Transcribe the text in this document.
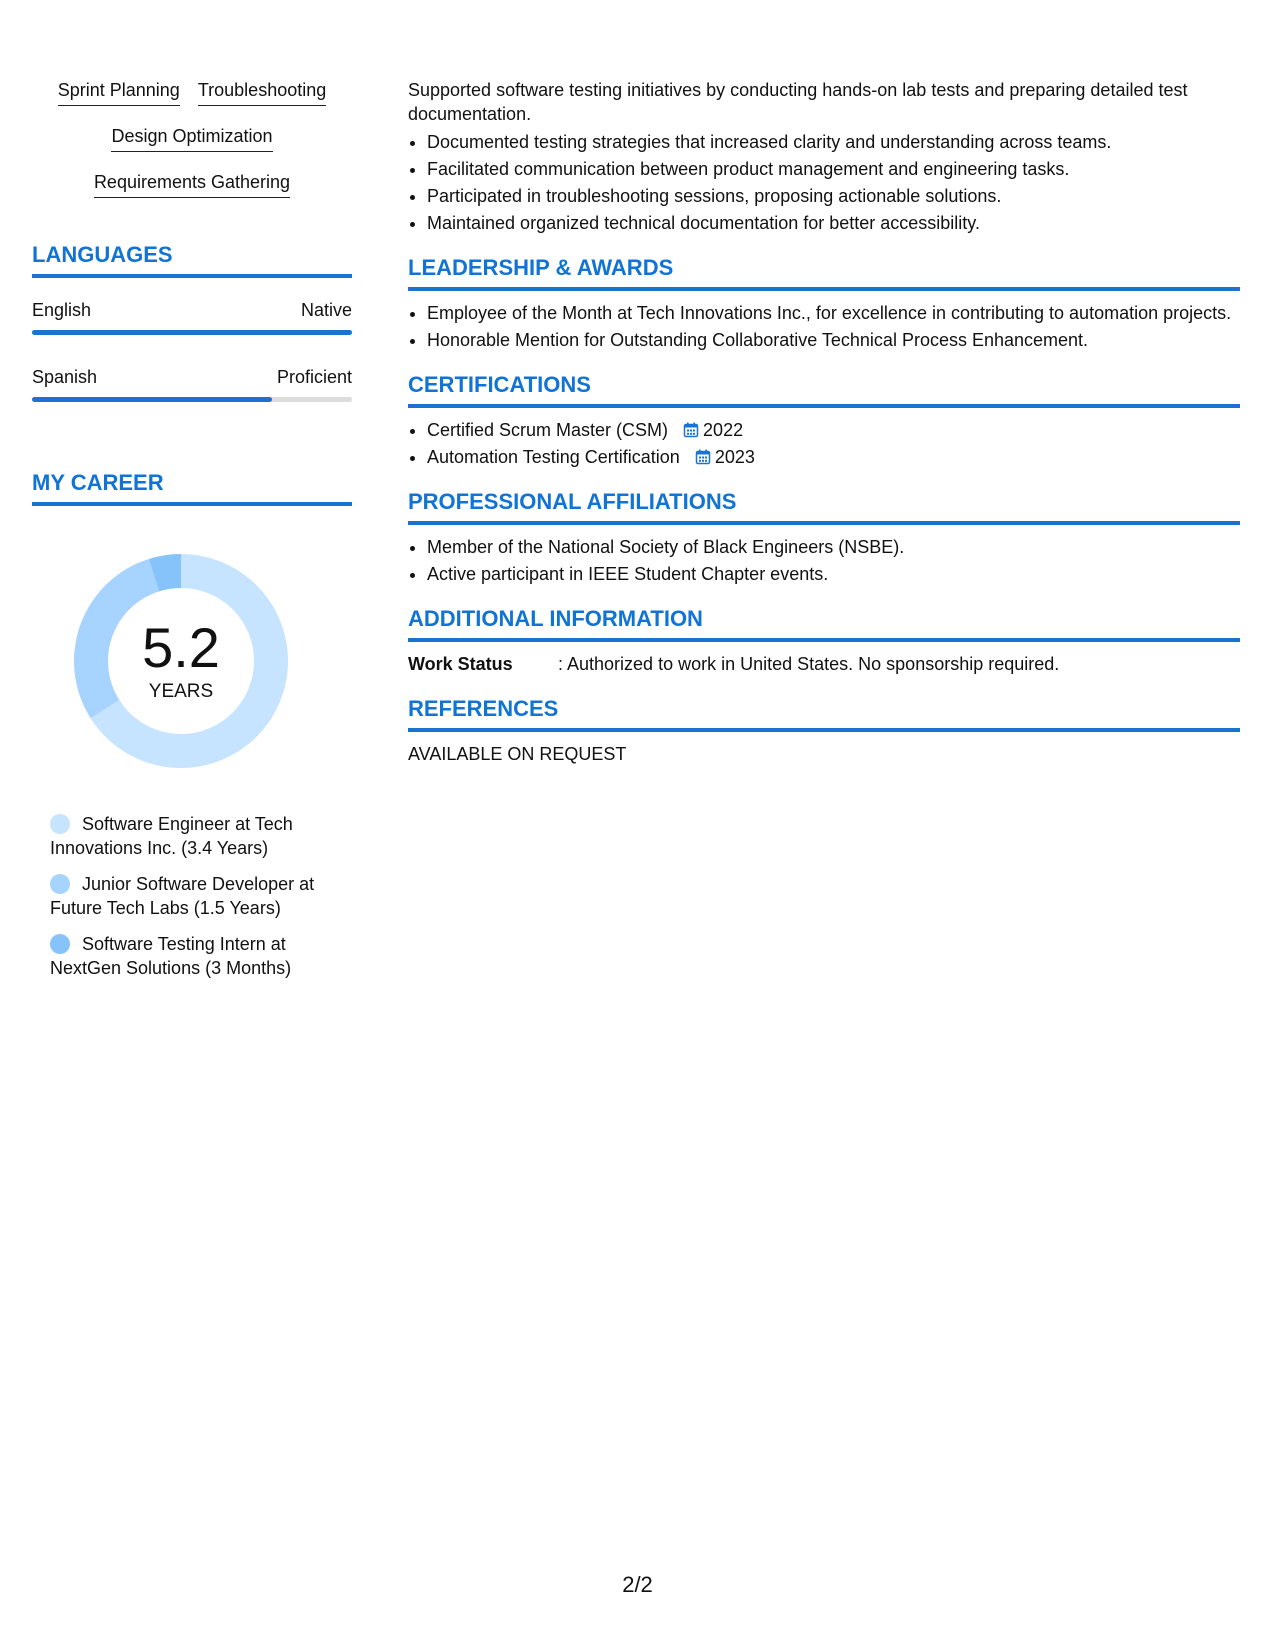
Sprint Planning Troubleshooting
Design Optimization
Requirements Gathering
LANGUAGES
English	Native
Spanish	Proficient
MY CAREER
5.2
YEARS
Software Engineer at Tech Innovations Inc. (3.4 Years)
Junior Software Developer at Future Tech Labs (1.5 Years)
Software Testing Intern at NextGen Solutions (3 Months)

Supported software testing initiatives by conducting hands-on lab tests and preparing detailed test documentation.

• Documented testing strategies that increased clarity and understanding across teams.
• Facilitated communication between product management and engineering tasks.
• Participated in troubleshooting sessions, proposing actionable solutions.
• Maintained organized technical documentation for better accessibility.
LEADERSHIP & AWARDS
• Employee of the Month at Tech Innovations Inc., for excellence in contributing to automation projects.
• Honorable Mention for Outstanding Collaborative Technical Process Enhancement.
CERTIFICATIONS
• Certified Scrum Master (CSM) 2022
• Automation Testing Certification 2023
PROFESSIONAL AFFILIATIONS
• Member of the National Society of Black Engineers (NSBE).
• Active participant in IEEE Student Chapter events.
ADDITIONAL INFORMATION
Work Status	: Authorized to work in United States. No sponsorship required.
REFERENCES
AVAILABLE ON REQUEST
2/2
